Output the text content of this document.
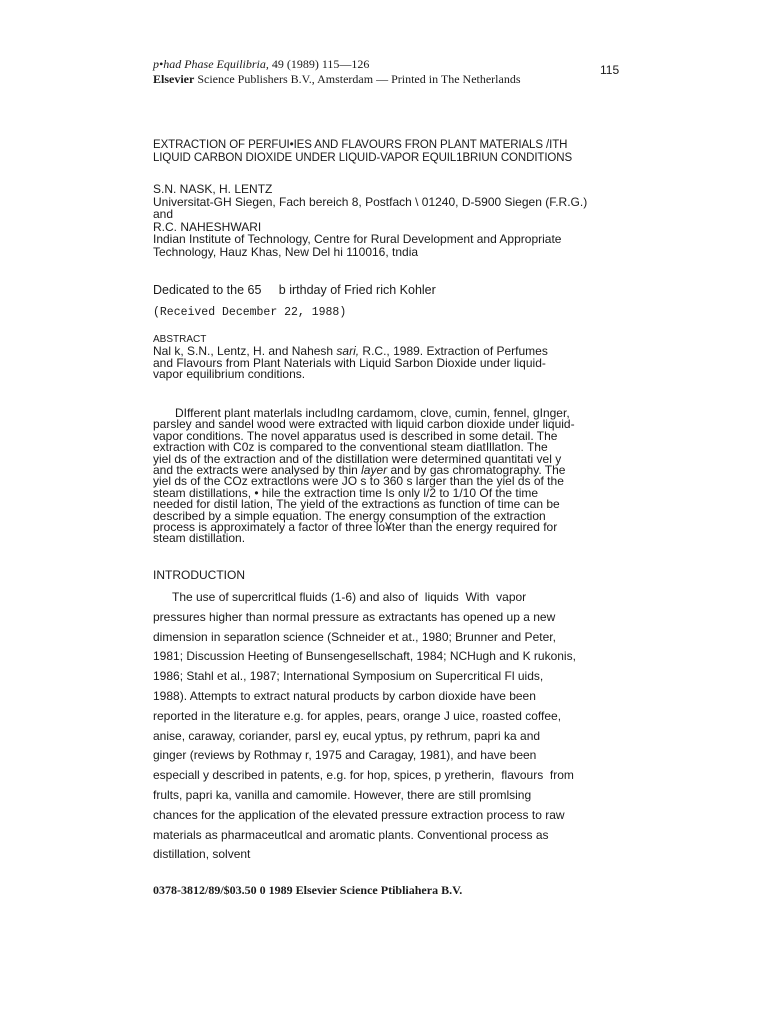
p•had Phase Equilibria, 49 (1989) 115—126
Elsevier Science Publishers B.V., Amsterdam — Printed in The Netherlands
115
EXTRACTION OF PERFUI•IES AND FLAVOURS FRON PLANT MATERIALS /ITH
LIQUID CARBON DIOXIDE UNDER LIQUID-VAPOR EQUIL1BRIUN CONDITIONS
S.N. NASK, H. LENTZ
Universitat-GH Siegen, Fach bereich 8, Postfach \ 01240, D-5900 Siegen (F.R.G.)
and
R.C. NAHESHWARI
Indian Institute of Technology, Centre for Rural Development and Appropriate
Technology, Hauz Khas, New Del hi 110016, tndia
Dedicated to the 65     b irthday of Fried rich Kohler
(Received December 22, 1988)
ABSTRACT
Nal k, S.N., Lentz, H. and Nahesh sari, R.C., 1989. Extraction of Perfumes
and Flavours from Plant Naterials with Liquid Sarbon Dioxide under liquid-
vapor equilibrium conditions.
DIfferent plant materlals includIng cardamom, clove, cumin, fennel, gInger,
parsley and sandel wood were extracted with liquid carbon dioxide under liquid-
vapor conditions. The novel apparatus used is described in some detail. The
extraction with C0z is compared to the conventional steam diatIllatlon. The
yiel ds of the extraction and of the distillation were determined quantitati vel y
and the extracts were analysed by thin layer and by gas chromatography. The
yiel ds of the COz extractlons were JO s to 360 s larger than the yiel ds of the
steam distillations, • hile the extraction time Is only l/2 to 1/10 Of the time
needed for distil lation, The yield of the extractions as function of time can be
described by a simple equation. The energy consumption of the extraction
process is approximately a factor of three lo¥ter than the energy required for
steam distillation.
INTRODUCTION
The use of supercritlcal fluids (1-6) and also of  liquids  With  vapor
pressures higher than normal pressure as extractants has opened up a new
dimension in separatlon science (Schneider et at., 1980; Brunner and Peter,
1981; Discussion Heeting of Bunsengesellschaft, 1984; NCHugh and K rukonis,
1986; Stahl et al., 1987; International Symposium on Supercritical Fl uids,
1988). Attempts to extract natural products by carbon dioxide have been
reported in the literature e.g. for apples, pears, orange J uice, roasted coffee,
anise, caraway, coriander, parsl ey, eucal yptus, py rethrum, papri ka and
ginger (reviews by Rothmay r, 1975 and Caragay, 1981), and have been
especiall y described in patents, e.g. for hop, spices, p yretherin,  flavours  from
frults, papri ka, vanilla and camomile. However, there are still promlsing
chances for the application of the elevated pressure extraction process to raw
materials as pharmaceutlcal and aromatic plants. Conventional process as
distillation, solvent
0378-3812/89/$03.50 0 1989 Elsevier Science Ptibliahera B.V.
